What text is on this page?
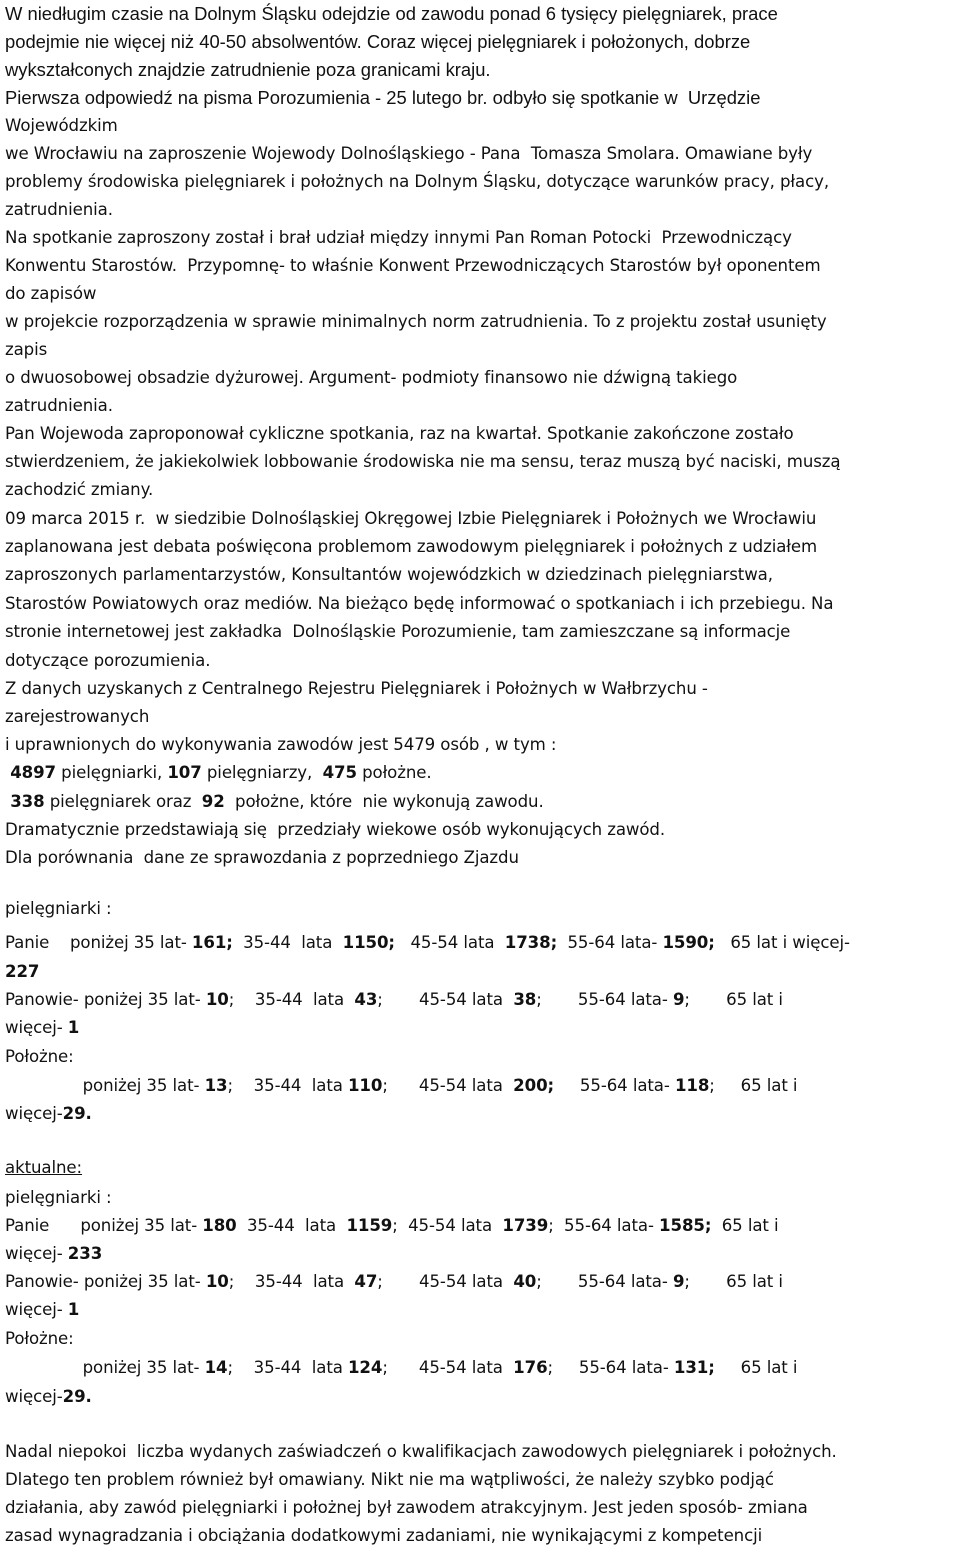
W niedługim czasie na Dolnym Śląsku odejdzie od zawodu ponad 6 tysięcy pielęgniarek, prace

podejmie nie więcej niż 40-50 absolwentów. Coraz więcej pielęgniarek i położonych, dobrze

wykształconych znajdzie zatrudnienie poza granicami kraju.

Pierwsza odpowiedź na pisma Porozumienia - 25 lutego br. odbyło się spotkanie w  Urzędzie

Wojewódzkim

we Wrocławiu na zaproszenie Wojewody Dolnośląskiego - Pana  Tomasza Smolara. Omawiane były

problemy środowiska pielęgniarek i położnych na Dolnym Śląsku, dotyczące warunków pracy, płacy,

zatrudnienia.

Na spotkanie zaproszony został i brał udział między innymi Pan Roman Potocki  Przewodniczący

Konwentu Starostów.  Przypomnę- to właśnie Konwent Przewodniczących Starostów był oponentem

do zapisów

w projekcie rozporządzenia w sprawie minimalnych norm zatrudnienia. To z projektu został usunięty

zapis

o dwuosobowej obsadzie dyżurowej. Argument- podmioty finansowo nie dźwigną takiego

zatrudnienia.

Pan Wojewoda zaproponował cykliczne spotkania, raz na kwartał. Spotkanie zakończone zostało

stwierdzeniem, że jakiekolwiek lobbowanie środowiska nie ma sensu, teraz muszą być naciski, muszą

zachodzić zmiany.

09 marca 2015 r.  w siedzibie Dolnośląskiej Okręgowej Izbie Pielęgniarek i Położnych we Wrocławiu

zaplanowana jest debata poświęcona problemom zawodowym pielęgniarek i położnych z udziałem

zaproszonych parlamentarzystów, Konsultantów wojewódzkich w dziedzinach pielęgniarstwa,

Starostów Powiatowych oraz mediów. Na bieżąco będę informować o spotkaniach i ich przebiegu. Na

stronie internetowej jest zakładka  Dolnośląskie Porozumienie, tam zamieszczane są informacje

dotyczące porozumienia.

Z danych uzyskanych z Centralnego Rejestru Pielęgniarek i Położnych w Wałbrzychu -

zarejestrowanych

i uprawnionych do wykonywania zawodów jest 5479 osób , w tym :

4897 pielęgniarki, 107 pielęgniarzy,  475 położne.

338 pielęgniarek oraz  92  położne, które  nie wykonują zawodu.

Dramatycznie przedstawiają się  przedziały wiekowe osób wykonujących zawód.

Dla porównania  dane ze sprawozdania z poprzedniego Zjazdu

pielęgniarki :

Panie    poniżej 35 lat- 161;  35-44  lata  1150;   45-54 lata  1738;  55-64 lata- 1590;   65 lat i więcej-

227

Panowie- poniżej 35 lat- 10;    35-44  lata  43;       45-54 lata  38;       55-64 lata- 9;       65 lat i

więcej- 1

Położne:

poniżej 35 lat- 13;    35-44  lata 110;      45-54 lata  200;     55-64 lata- 118;     65 lat i

więcej-29.

aktualne:

pielęgniarki :

Panie      poniżej 35 lat- 180  35-44  lata  1159;  45-54 lata  1739;  55-64 lata- 1585;  65 lat i

więcej- 233

Panowie- poniżej 35 lat- 10;    35-44  lata  47;       45-54 lata  40;       55-64 lata- 9;       65 lat i

więcej- 1

Położne:

poniżej 35 lat- 14;    35-44  lata 124;      45-54 lata  176;     55-64 lata- 131;     65 lat i

więcej-29.

Nadal niepokoi  liczba wydanych zaświadczeń o kwalifikacjach zawodowych pielęgniarek i położnych.

Dlatego ten problem również był omawiany. Nikt nie ma wątpliwości, że należy szybko podjąć

działania, aby zawód pielęgniarki i położnej był zawodem atrakcyjnym. Jest jeden sposób- zmiana

zasad wynagradzania i obciążania dodatkowymi zadaniami, nie wynikającymi z kompetencji
